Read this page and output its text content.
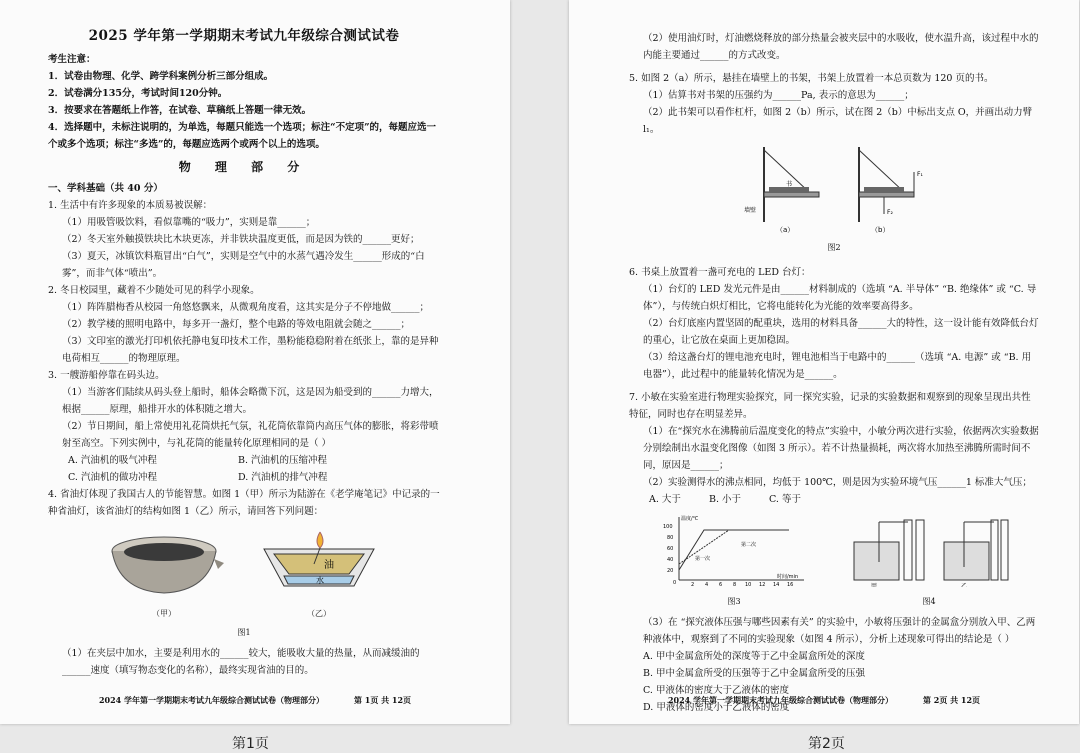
2025 学年第一学期期末考试九年级综合测试试卷

考生注意：

1．试卷由物理、化学、跨学科案例分析三部分组成。

2．试卷满分135分，考试时间120分钟。

3．按要求在答题纸上作答，在试卷、草稿纸上答题一律无效。

4．选择题中，未标注说明的，为单选，每题只能选一个选项；标注“不定项”的，每题应选一个或多个选项；标注“多选”的，每题应选两个或两个以上的选项。

物 理 部 分

一、学科基础（共 40 分）

1. 生活中有许多现象的本质易被误解：

（1）用吸管吸饮料，看似靠嘴的“吸力”，实则是靠______；

（2）冬天室外触摸铁块比木块更冻，并非铁块温度更低，而是因为铁的______更好；

（3）夏天，冰镇饮料瓶冒出“白气”，实则是空气中的水蒸气遇冷发生______形成的“白雾”，而非气体“喷出”。

2. 冬日校园里，藏着不少随处可见的科学小现象。

（1）阵阵腊梅香从校园一角悠悠飘来，从微观角度看，这其实是分子不停地做______；

（2）教学楼的照明电路中，每多开一盏灯，整个电路的等效电阻就会随之______；

（3）文印室的激光打印机依托静电复印技术工作，墨粉能稳稳附着在纸张上，靠的是异种电荷相互______的物理原理。

3. 一艘游船停靠在码头边。

（1）当游客们陆续从码头登上船时，船体会略微下沉，这是因为船受到的______力增大，根据______原理，船排开水的体积随之增大。

（2）节日期间，船上常使用礼花筒烘托气氛，礼花筒依靠筒内高压气体的膨胀，将彩带喷射至高空。下列实例中，与礼花筒的能量转化原理相同的是（ ）

A. 汽油机的吸气冲程	B. 汽油机的压缩冲程
C. 汽油机的做功冲程	D. 汽油机的排气冲程

4. 省油灯体现了我国古人的节能智慧。如图 1（甲）所示为陆游在《老学庵笔记》中记录的一种省油灯，该省油灯的结构如图 1（乙）所示，请回答下列问题：

（甲）
油
水
（乙）
图1

（1）在夹层中加水，主要是利用水的______较大，能吸收大量的热量，从而减缓油的______速度（填写物态变化的名称），最终实现省油的目的。

2024 学年第一学期期末考试九年级综合测试试卷（物理部分）	第 1页 共 12页
第1页

（2）使用油灯时，灯油燃烧释放的部分热量会被夹层中的水吸收，使水温升高，该过程中水的内能主要通过______的方式改变。

5. 如图 2（a）所示，悬挂在墙壁上的书架，书架上放置着一本总页数为 120 页的书。

（1）估算书对书架的压强约为______Pa, 表示的意思为______；

（2）此书架可以看作杠杆，如图 2（b）所示，试在图 2（b）中标出支点 O，并画出动力臂 l₁。

书
墙壁
（a）
F₁
F₂
（b）
图2

6. 书桌上放置着一盏可充电的 LED 台灯：

（1）台灯的 LED 发光元件是由______材料制成的（选填 “A. 半导体” “B. 绝缘体” 或 “C. 导体”），与传统白炽灯相比，它将电能转化为光能的效率要高得多。

（2）台灯底座内置坚固的配重块，选用的材料具备______大的特性，这一设计能有效降低台灯的重心，让它放在桌面上更加稳固。

（3）给这盏台灯的锂电池充电时，锂电池相当于电路中的______（选填 “A. 电源” 或 “B. 用电器”），此过程中的能量转化情况为是______。

7. 小敏在实验室进行物理实验探究，同一探究实验，记录的实验数据和观察到的现象呈现出共性特征，同时也存在明显差异。

（1）在“探究水在沸腾前后温度变化的特点”实验中，小敏分两次进行实验，依据两次实验数据分别绘制出水温变化图像（如图 3 所示）。若不计热量损耗，两次将水加热至沸腾所需时间不同，原因是______；

（2）实验测得水的沸点相同，均低于 100℃，则是因为实验环境气压______1 标准大气压；

A. 大于	B. 小于	C. 等于
温度/℃
时间/min
100
80
60
40
20
0	2 4 6 8 10 12 14 16
第一次
第二次
图3
甲	乙
图4

（3）在 “探究液体压强与哪些因素有关” 的实验中，小敏将压强计的金属盒分别放入甲、乙两种液体中，观察到了不同的实验现象（如图 4 所示），分析上述现象可得出的结论是（ ）

A. 甲中金属盒所处的深度等于乙中金属盒所处的深度

B. 甲中金属盒所受的压强等于乙中金属盒所受的压强

C. 甲液体的密度大于乙液体的密度

D. 甲液体的密度小于乙液体的密度

2024 学年第一学期期末考试九年级综合测试试卷（物理部分）	第 2页 共 12页
第2页
